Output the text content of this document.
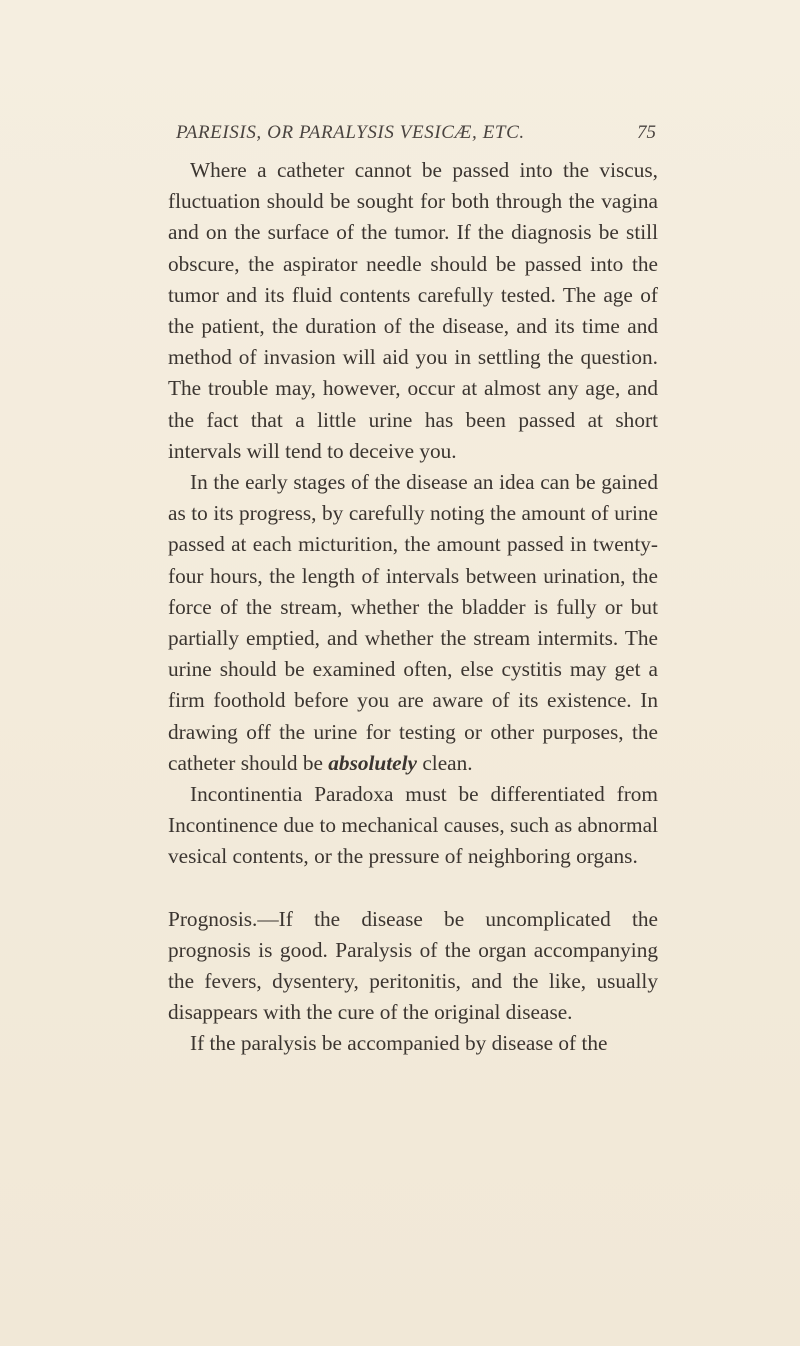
PAREISIS, OR PARALYSIS VESICÆ, ETC.	75

Where a catheter cannot be passed into the viscus, fluctuation should be sought for both through the vagina and on the surface of the tumor. If the diagnosis be still obscure, the aspirator needle should be passed into the tumor and its fluid contents carefully tested. The age of the patient, the duration of the disease, and its time and method of invasion will aid you in settling the question. The trouble may, however, occur at almost any age, and the fact that a little urine has been passed at short intervals will tend to deceive you.

In the early stages of the disease an idea can be gained as to its progress, by carefully noting the amount of urine passed at each micturition, the amount passed in twenty-four hours, the length of intervals between urination, the force of the stream, whether the bladder is fully or but partially emptied, and whether the stream intermits. The urine should be examined often, else cystitis may get a firm foothold before you are aware of its existence. In drawing off the urine for testing or other purposes, the catheter should be absolutely clean.

Incontinentia Paradoxa must be differentiated from Incontinence due to mechanical causes, such as abnormal vesical contents, or the pressure of neighboring organs.

Prognosis.—If the disease be uncomplicated the prognosis is good. Paralysis of the organ accompanying the fevers, dysentery, peritonitis, and the like, usually disappears with the cure of the original disease.

If the paralysis be accompanied by disease of the
